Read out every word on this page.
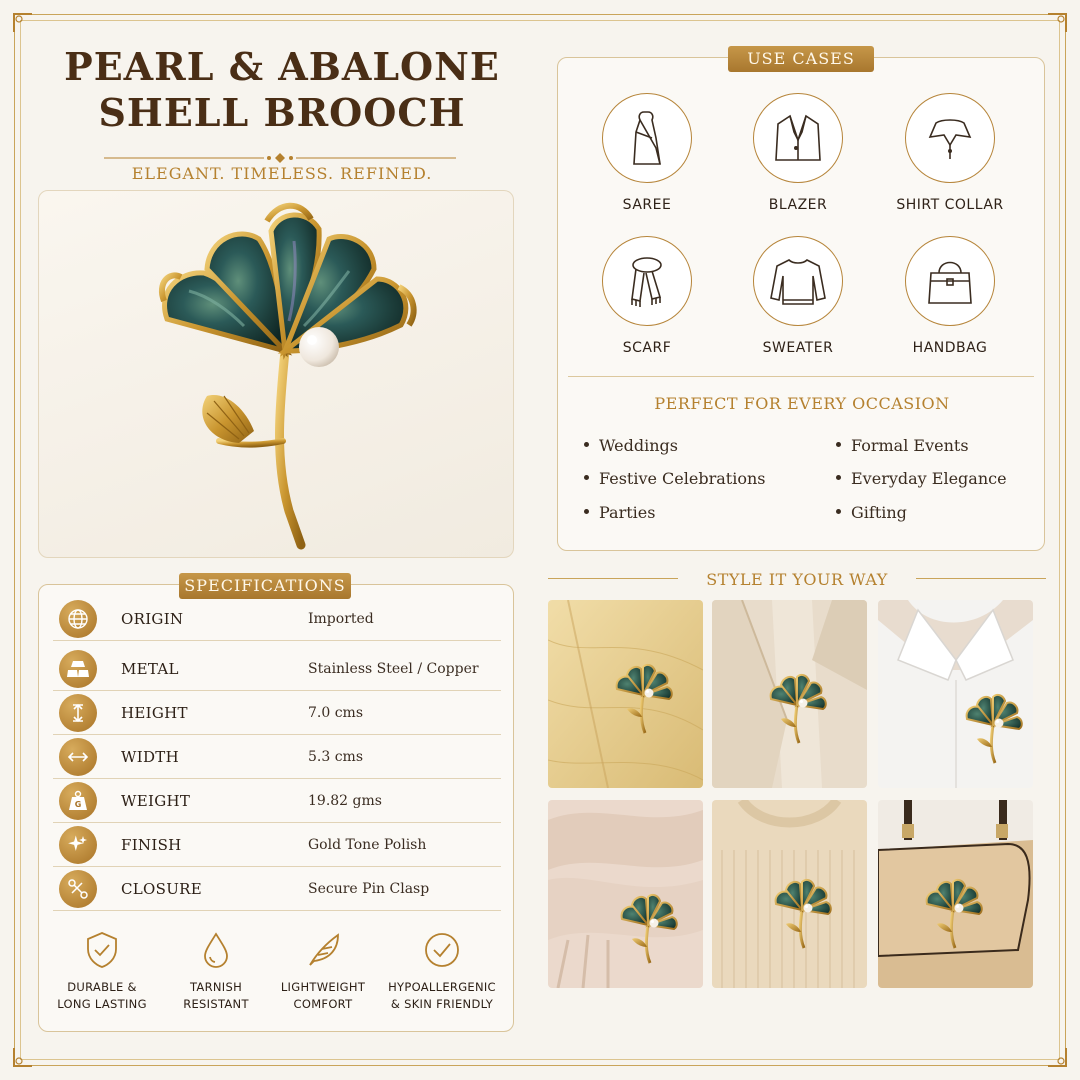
PEARL & ABALONE
SHELL BROOCH
ELEGANT. TIMELESS. REFINED.
USE CASES
SAREE	BLAZER	SHIRT COLLAR
SCARF	SWEATER	HANDBAG
PERFECT FOR EVERY OCCASION
Weddings	Formal Events
Festive Celebrations	Everyday Elegance
Parties	Gifting
SPECIFICATIONS
ORIGIN	Imported
METAL	Stainless Steel / Copper
HEIGHT	7.0 cms
WIDTH	5.3 cms
G	WEIGHT	19.82 gms
FINISH	Gold Tone Polish
CLOSURE	Secure Pin Clasp
DURABLE &
LONG LASTING
TARNISH
RESISTANT
LIGHTWEIGHT
COMFORT
HYPOALLERGENIC
& SKIN FRIENDLY
STYLE IT YOUR WAY
